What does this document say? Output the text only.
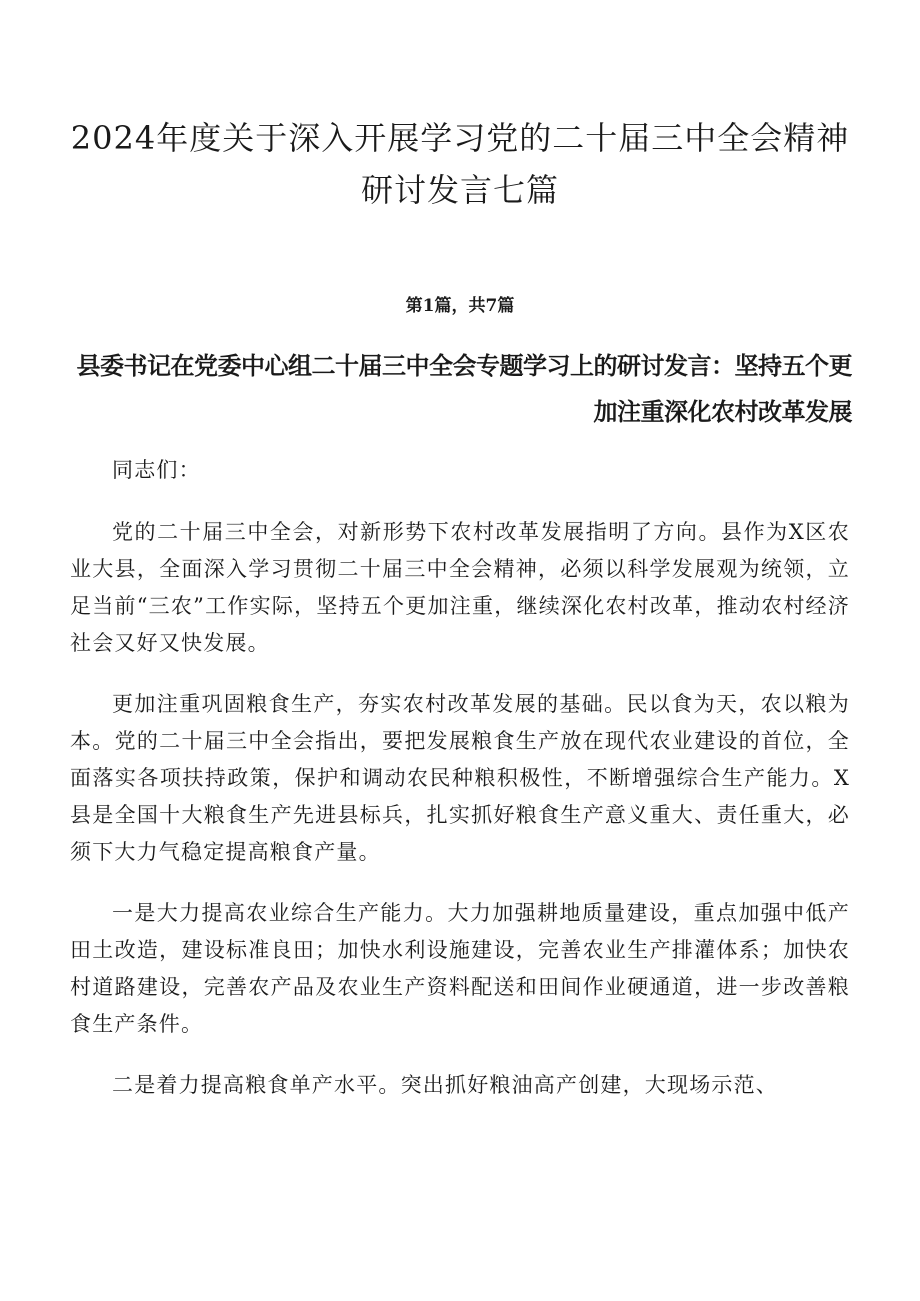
2024年度关于深入开展学习党的二十届三中全会精神研讨发言七篇
第1篇，共7篇
县委书记在党委中心组二十届三中全会专题学习上的研讨发言：坚持五个更加注重深化农村改革发展

同志们：

党的二十届三中全会，对新形势下农村改革发展指明了方向。县作为X区农业大县，全面深入学习贯彻二十届三中全会精神，必须以科学发展观为统领，立足当前“三农”工作实际，坚持五个更加注重，继续深化农村改革，推动农村经济社会又好又快发展。

更加注重巩固粮食生产，夯实农村改革发展的基础。民以食为天，农以粮为本。党的二十届三中全会指出，要把发展粮食生产放在现代农业建设的首位，全面落实各项扶持政策，保护和调动农民种粮积极性，不断增强综合生产能力。X县是全国十大粮食生产先进县标兵，扎实抓好粮食生产意义重大、责任重大，必须下大力气稳定提高粮食产量。

一是大力提高农业综合生产能力。大力加强耕地质量建设，重点加强中低产田土改造，建设标准良田；加快水利设施建设，完善农业生产排灌体系；加快农村道路建设，完善农产品及农业生产资料配送和田间作业硬通道，进一步改善粮食生产条件。

二是着力提高粮食单产水平。突出抓好粮油高产创建，大现场示范、
